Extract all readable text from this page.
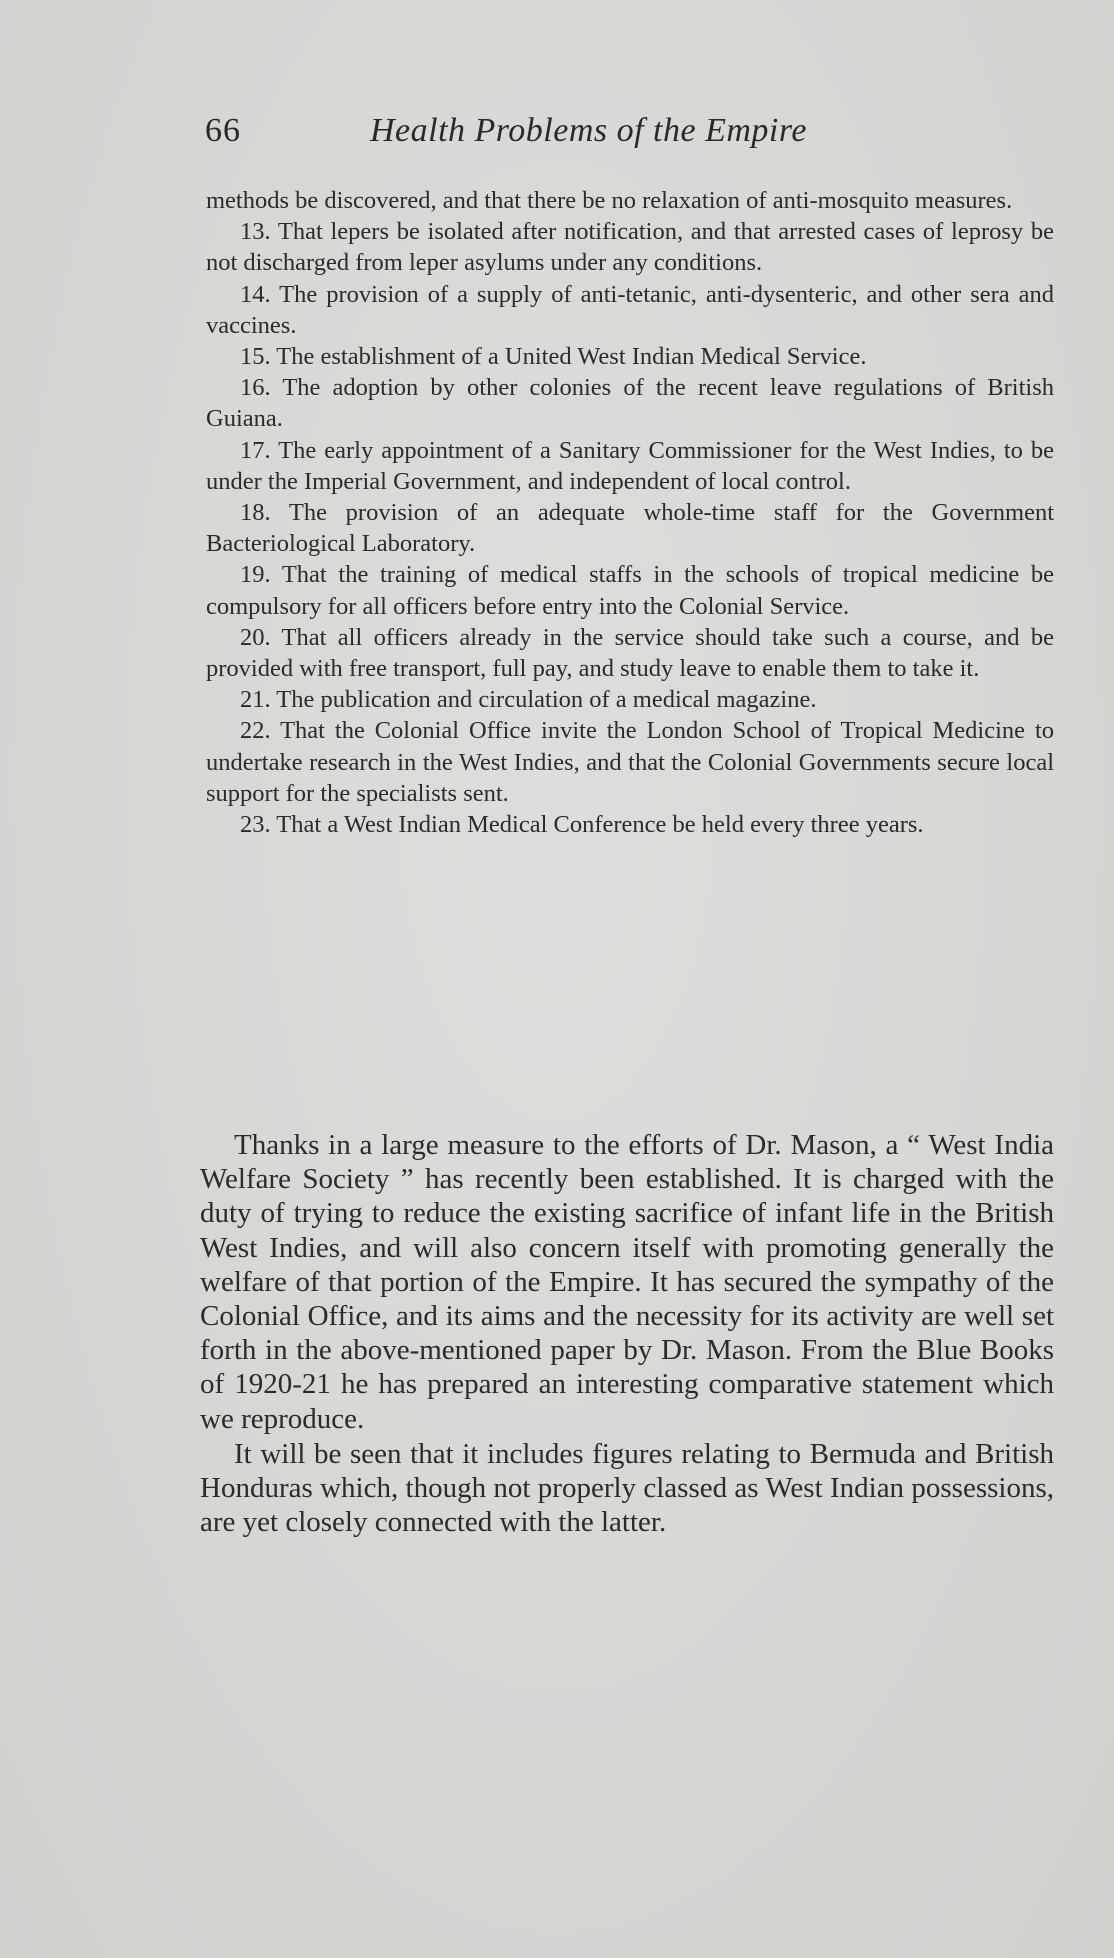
66	Health Problems of the Empire

methods be discovered, and that there be no relaxation of anti-mosquito measures.

13. That lepers be isolated after notification, and that arrested cases of leprosy be not discharged from leper asylums under any conditions.

14. The provision of a supply of anti-tetanic, anti-dysenteric, and other sera and vaccines.

15. The establishment of a United West Indian Medical Service.

16. The adoption by other colonies of the recent leave regulations of British Guiana.

17. The early appointment of a Sanitary Commissioner for the West Indies, to be under the Imperial Government, and independent of local control.

18. The provision of an adequate whole-time staff for the Government Bacteriological Laboratory.

19. That the training of medical staffs in the schools of tropical medicine be compulsory for all officers before entry into the Colonial Service.

20. That all officers already in the service should take such a course, and be provided with free transport, full pay, and study leave to enable them to take it.

21. The publication and circulation of a medical magazine.

22. That the Colonial Office invite the London School of Tropical Medicine to undertake research in the West Indies, and that the Colonial Governments secure local support for the specialists sent.

23. That a West Indian Medical Conference be held every three years.

Thanks in a large measure to the efforts of Dr. Mason, a “ West India Welfare Society ” has recently been established. It is charged with the duty of trying to reduce the existing sacrifice of infant life in the British West Indies, and will also concern itself with promoting generally the welfare of that portion of the Empire. It has secured the sympathy of the Colonial Office, and its aims and the necessity for its activity are well set forth in the above-mentioned paper by Dr. Mason. From the Blue Books of 1920-21 he has prepared an interesting comparative statement which we reproduce.

It will be seen that it includes figures relating to Bermuda and British Honduras which, though not properly classed as West Indian possessions, are yet closely connected with the latter.
